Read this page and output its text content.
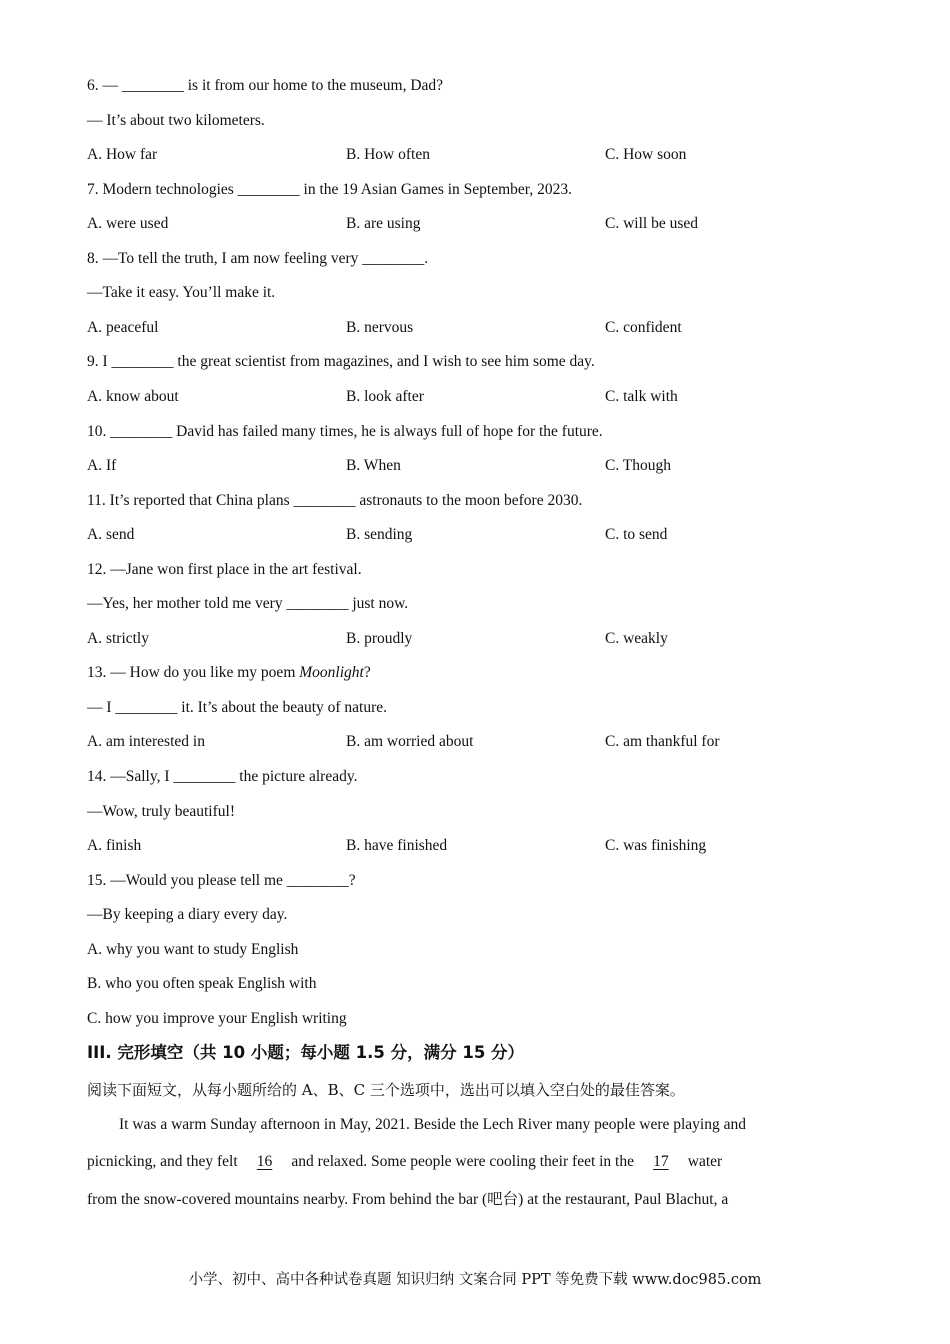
6. — ________ is it from our home to the museum, Dad?
— It’s about two kilometers.
A. How far	B. How often	C. How soon
7. Modern technologies ________ in the 19 Asian Games in September, 2023.
A. were used	B. are using	C. will be used
8. —To tell the truth, I am now feeling very ________.
—Take it easy. You’ll make it.
A. peaceful	B. nervous	C. confident
9. I ________ the great scientist from magazines, and I wish to see him some day.
A. know about	B. look after	C. talk with
10. ________ David has failed many times, he is always full of hope for the future.
A. If	B. When	C. Though
11. It’s reported that China plans ________ astronauts to the moon before 2030.
A. send	B. sending	C. to send
12. —Jane won first place in the art festival.
—Yes, her mother told me very ________ just now.
A. strictly	B. proudly	C. weakly
13. — How do you like my poem Moonlight?
— I ________ it. It’s about the beauty of nature.
A. am interested in	B. am worried about	C. am thankful for
14. —Sally, I ________ the picture already.
—Wow, truly beautiful!
A. finish	B. have finished	C. was finishing
15. —Would you please tell me ________?
—By keeping a diary every day.
A. why you want to study English
B. who you often speak English with
C. how you improve your English writing
III. 完形填空（共 10 小题；每小题 1.5 分，满分 15 分）
阅读下面短文，从每小题所给的 A、B、C 三个选项中，选出可以填入空白处的最佳答案。
It was a warm Sunday afternoon in May, 2021. Beside the Lech River many people were playing and
picnicking, and they felt 16 and relaxed. Some people were cooling their feet in the 17 water
from the snow-covered mountains nearby. From behind the bar (吧台) at the restaurant, Paul Blachut, a
小学、初中、高中各种试卷真题 知识归纳 文案合同 PPT 等免费下载 www.doc985.com
